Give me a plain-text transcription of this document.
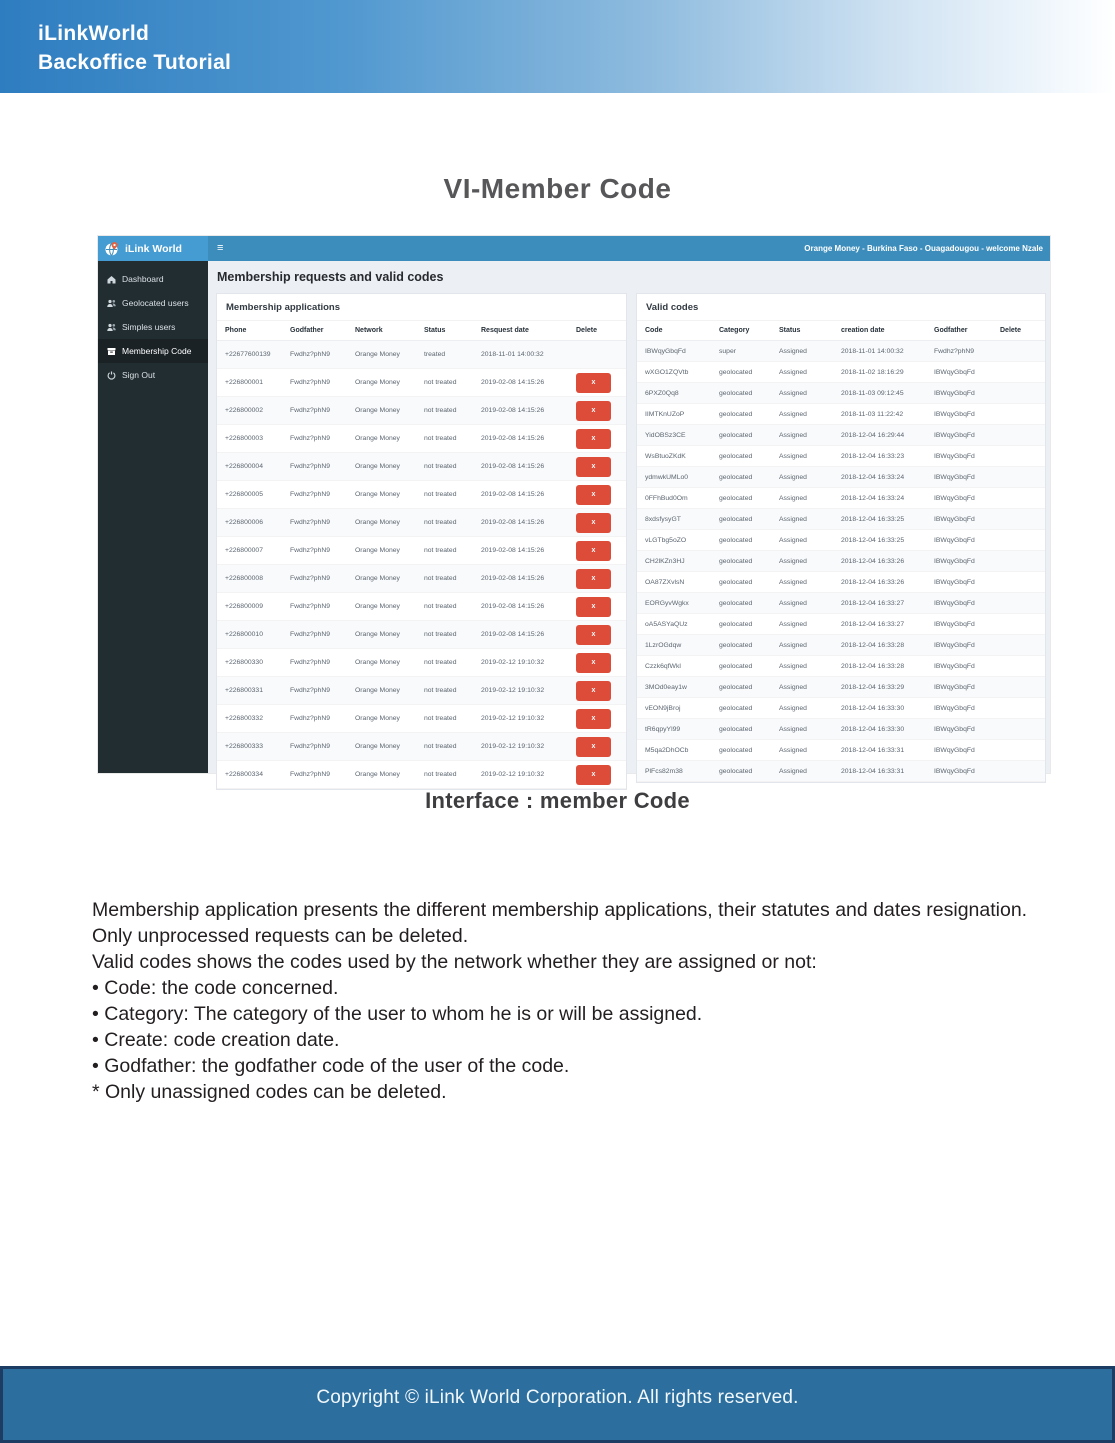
iLinkWorld
Backoffice Tutorial
VI-Member Code
iLink World	≡	Orange Money - Burkina Faso - Ouagadougou - welcome Nzale
Dashboard
Geolocated users
Simples users
Membership Code
Sign Out
Membership requests and valid codes
Membership applications
Phone	Godfather	Network	Status	Resquest date	Delete
+22677600139	Fwdhz?phN9	Orange Money	treated	2018-11-01 14:00:32	
+226800001	Fwdhz?phN9	Orange Money	not treated	2019-02-08 14:15:26	x

+226800002	Fwdhz?phN9	Orange Money	not treated	2019-02-08 14:15:26	x

+226800003	Fwdhz?phN9	Orange Money	not treated	2019-02-08 14:15:26	x

+226800004	Fwdhz?phN9	Orange Money	not treated	2019-02-08 14:15:26	x

+226800005	Fwdhz?phN9	Orange Money	not treated	2019-02-08 14:15:26	x

+226800006	Fwdhz?phN9	Orange Money	not treated	2019-02-08 14:15:26	x

+226800007	Fwdhz?phN9	Orange Money	not treated	2019-02-08 14:15:26	x

+226800008	Fwdhz?phN9	Orange Money	not treated	2019-02-08 14:15:26	x

+226800009	Fwdhz?phN9	Orange Money	not treated	2019-02-08 14:15:26	x

+226800010	Fwdhz?phN9	Orange Money	not treated	2019-02-08 14:15:26	x

+226800330	Fwdhz?phN9	Orange Money	not treated	2019-02-12 19:10:32	x

+226800331	Fwdhz?phN9	Orange Money	not treated	2019-02-12 19:10:32	x

+226800332	Fwdhz?phN9	Orange Money	not treated	2019-02-12 19:10:32	x

+226800333	Fwdhz?phN9	Orange Money	not treated	2019-02-12 19:10:32	x

+226800334	Fwdhz?phN9	Orange Money	not treated	2019-02-12 19:10:32	x
Valid codes
Code	Category	Status	creation date	Godfather	Delete
IBWqyGbqFd	super	Assigned	2018-11-01 14:00:32	Fwdhz?phN9	
wXGO1ZQVtb	geolocated	Assigned	2018-11-02 18:16:29	IBWqyGbqFd	
6PXZ0Qq8	geolocated	Assigned	2018-11-03 09:12:45	IBWqyGbqFd	
IIMTKnUZoP	geolocated	Assigned	2018-11-03 11:22:42	IBWqyGbqFd	
YidOBSz3CE	geolocated	Assigned	2018-12-04 16:29:44	IBWqyGbqFd	
WsBtuoZKdK	geolocated	Assigned	2018-12-04 16:33:23	IBWqyGbqFd	
ydmwkUMLo0	geolocated	Assigned	2018-12-04 16:33:24	IBWqyGbqFd	
0FFhBud0Om	geolocated	Assigned	2018-12-04 16:33:24	IBWqyGbqFd	
8xdsfysyGT	geolocated	Assigned	2018-12-04 16:33:25	IBWqyGbqFd	
vLGTbg5oZO	geolocated	Assigned	2018-12-04 16:33:25	IBWqyGbqFd	
CH2lKZn3HJ	geolocated	Assigned	2018-12-04 16:33:26	IBWqyGbqFd	
OA87ZXvlsN	geolocated	Assigned	2018-12-04 16:33:26	IBWqyGbqFd	
EORGyvWgkx	geolocated	Assigned	2018-12-04 16:33:27	IBWqyGbqFd	
oA5ASYaQUz	geolocated	Assigned	2018-12-04 16:33:27	IBWqyGbqFd	
1LzrOGdqw	geolocated	Assigned	2018-12-04 16:33:28	IBWqyGbqFd	
Czzk6qfWkl	geolocated	Assigned	2018-12-04 16:33:28	IBWqyGbqFd	
3MOd0eay1w	geolocated	Assigned	2018-12-04 16:33:29	IBWqyGbqFd	
vEON9jBroj	geolocated	Assigned	2018-12-04 16:33:30	IBWqyGbqFd	
tR6qpyYl99	geolocated	Assigned	2018-12-04 16:33:30	IBWqyGbqFd	
M5qa2DhOCb	geolocated	Assigned	2018-12-04 16:33:31	IBWqyGbqFd	
PlFcs82m38	geolocated	Assigned	2018-12-04 16:33:31	IBWqyGbqFd	
Interface : member Code
Membership application presents the different membership applications, their statutes and dates resignation. Only unprocessed requests can be deleted.
Valid codes shows the codes used by the network whether they are assigned or not:
• Code: the code concerned.
• Category: The category of the user to whom he is or will be assigned.
• Create: code creation date.
• Godfather: the godfather code of the user of the code.
* Only unassigned codes can be deleted.
Copyright © iLink World Corporation. All rights reserved.
